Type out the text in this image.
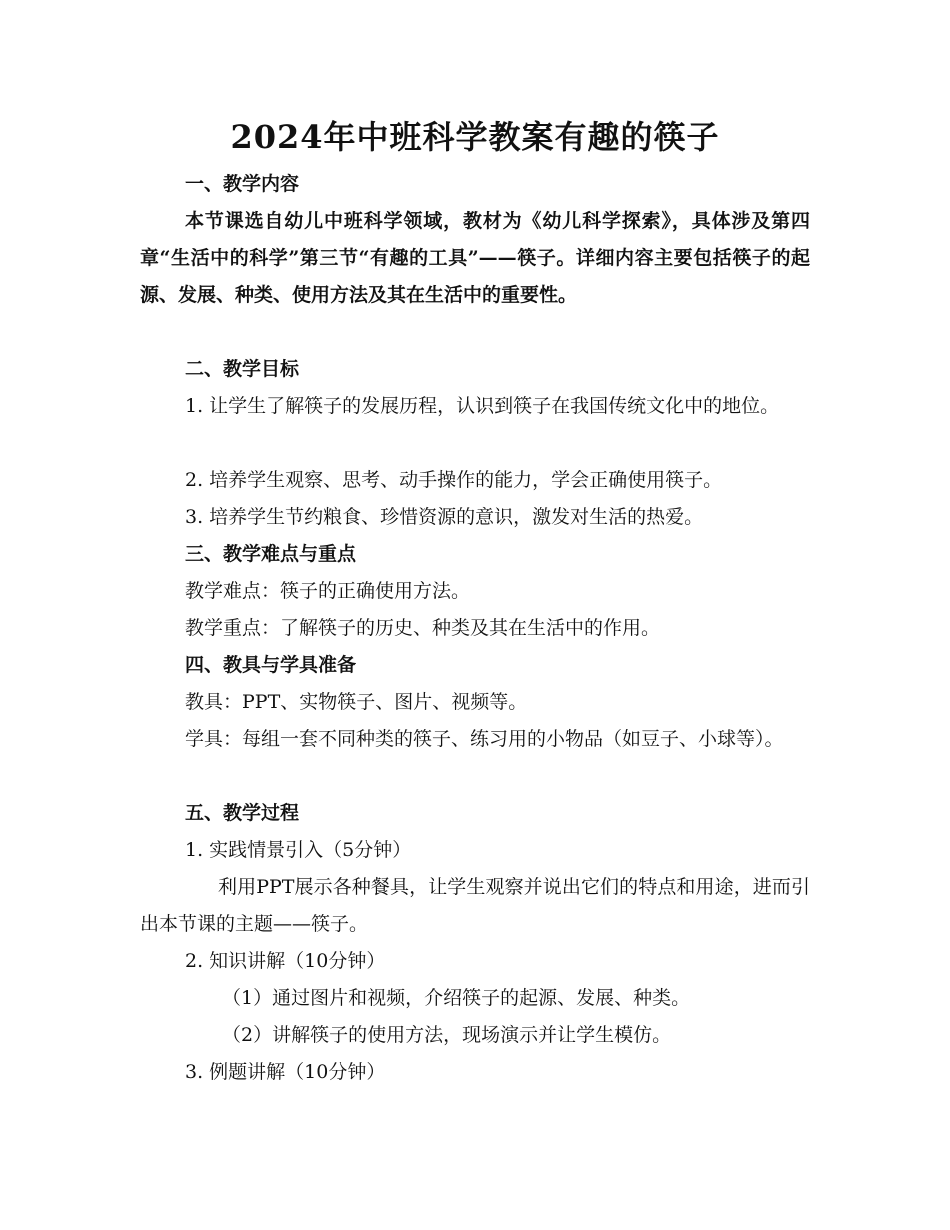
2024年中班科学教案有趣的筷子
一、教学内容
本节课选自幼儿中班科学领域，教材为《幼儿科学探索》，具体涉及第四章“生活中的科学”第三节“有趣的工具”——筷子。详细内容主要包括筷子的起源、发展、种类、使用方法及其在生活中的重要性。
二、教学目标
1. 让学生了解筷子的发展历程，认识到筷子在我国传统文化中的地位。
2. 培养学生观察、思考、动手操作的能力，学会正确使用筷子。
3. 培养学生节约粮食、珍惜资源的意识，激发对生活的热爱。
三、教学难点与重点
教学难点：筷子的正确使用方法。
教学重点：了解筷子的历史、种类及其在生活中的作用。
四、教具与学具准备
教具：PPT、实物筷子、图片、视频等。
学具：每组一套不同种类的筷子、练习用的小物品（如豆子、小球等）。
五、教学过程
1. 实践情景引入（5分钟）
利用PPT展示各种餐具，让学生观察并说出它们的特点和用途，进而引出本节课的主题——筷子。
2. 知识讲解（10分钟）
（1）通过图片和视频，介绍筷子的起源、发展、种类。
（2）讲解筷子的使用方法，现场演示并让学生模仿。
3. 例题讲解（10分钟）
